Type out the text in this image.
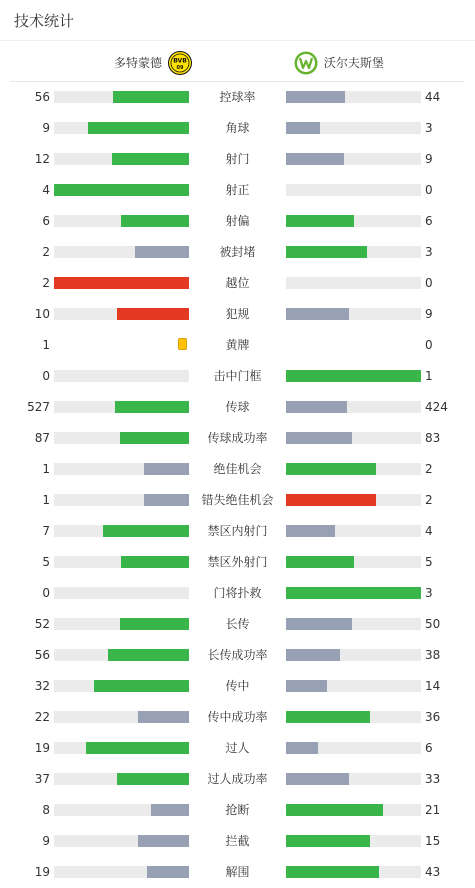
技术统计
多特蒙德 BVB
09	沃尔夫斯堡
56	控球率	44
9	角球	3
12	射门	9
4	射正	0
6	射偏	6
2	被封堵	3
2	越位	0
10	犯规	9
1	黄牌	0
0	击中门框	1
527	传球	424
87	传球成功率	83
1	绝佳机会	2
1	错失绝佳机会	2
7	禁区内射门	4
5	禁区外射门	5
0	门将扑救	3
52	长传	50
56	长传成功率	38
32	传中	14
22	传中成功率	36
19	过人	6
37	过人成功率	33
8	抢断	21
9	拦截	15
19	解围	43
